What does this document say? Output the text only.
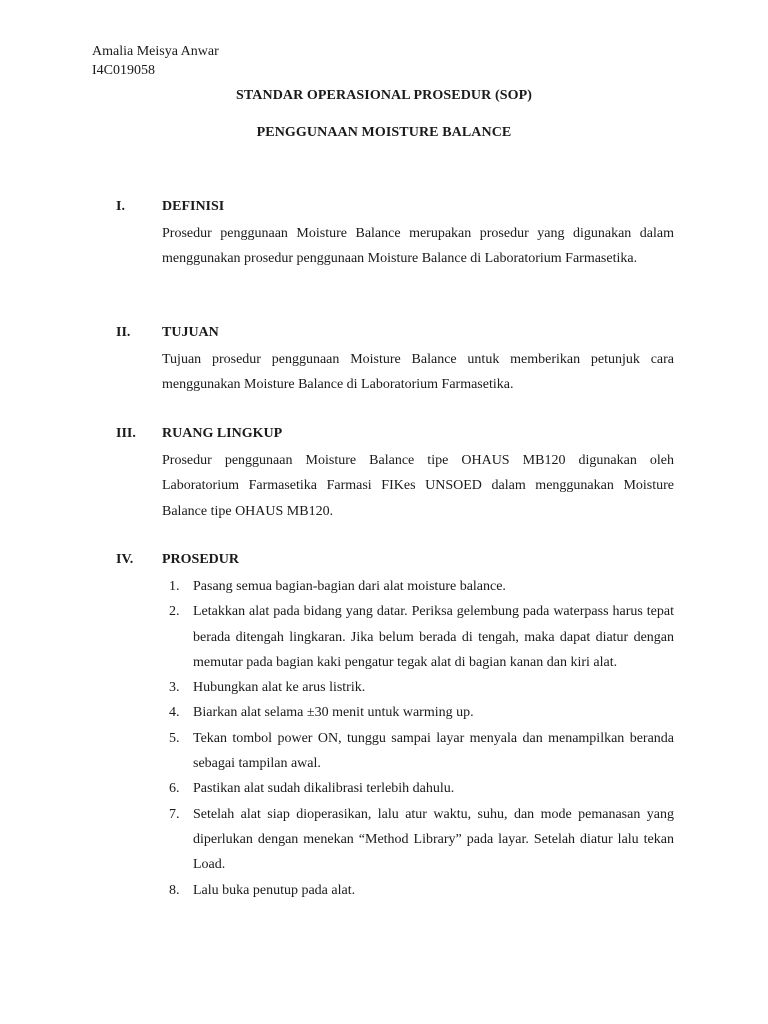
Amalia Meisya Anwar
I4C019058
STANDAR OPERASIONAL PROSEDUR (SOP)
PENGGUNAAN MOISTURE BALANCE
I.	DEFINISI
Prosedur penggunaan Moisture Balance merupakan prosedur yang digunakan dalam menggunakan prosedur penggunaan Moisture Balance di Laboratorium Farmasetika.
II. TUJUAN
Tujuan prosedur penggunaan Moisture Balance untuk memberikan petunjuk cara menggunakan Moisture Balance di Laboratorium Farmasetika.
III. RUANG LINGKUP
Prosedur penggunaan Moisture Balance tipe OHAUS MB120 digunakan oleh Laboratorium Farmasetika Farmasi FIKes UNSOED dalam menggunakan Moisture Balance tipe OHAUS MB120.
IV. PROSEDUR
1. Pasang semua bagian-bagian dari alat moisture balance.
2. Letakkan alat pada bidang yang datar. Periksa gelembung pada waterpass harus tepat berada ditengah lingkaran. Jika belum berada di tengah, maka dapat diatur dengan memutar pada bagian kaki pengatur tegak alat di bagian kanan dan kiri alat.
3. Hubungkan alat ke arus listrik.
4. Biarkan alat selama ±30 menit untuk warming up.
5. Tekan tombol power ON, tunggu sampai layar menyala dan menampilkan beranda sebagai tampilan awal.
6. Pastikan alat sudah dikalibrasi terlebih dahulu.
7. Setelah alat siap dioperasikan, lalu atur waktu, suhu, dan mode pemanasan yang diperlukan dengan menekan “Method Library” pada layar. Setelah diatur lalu tekan Load.
8. Lalu buka penutup pada alat.
